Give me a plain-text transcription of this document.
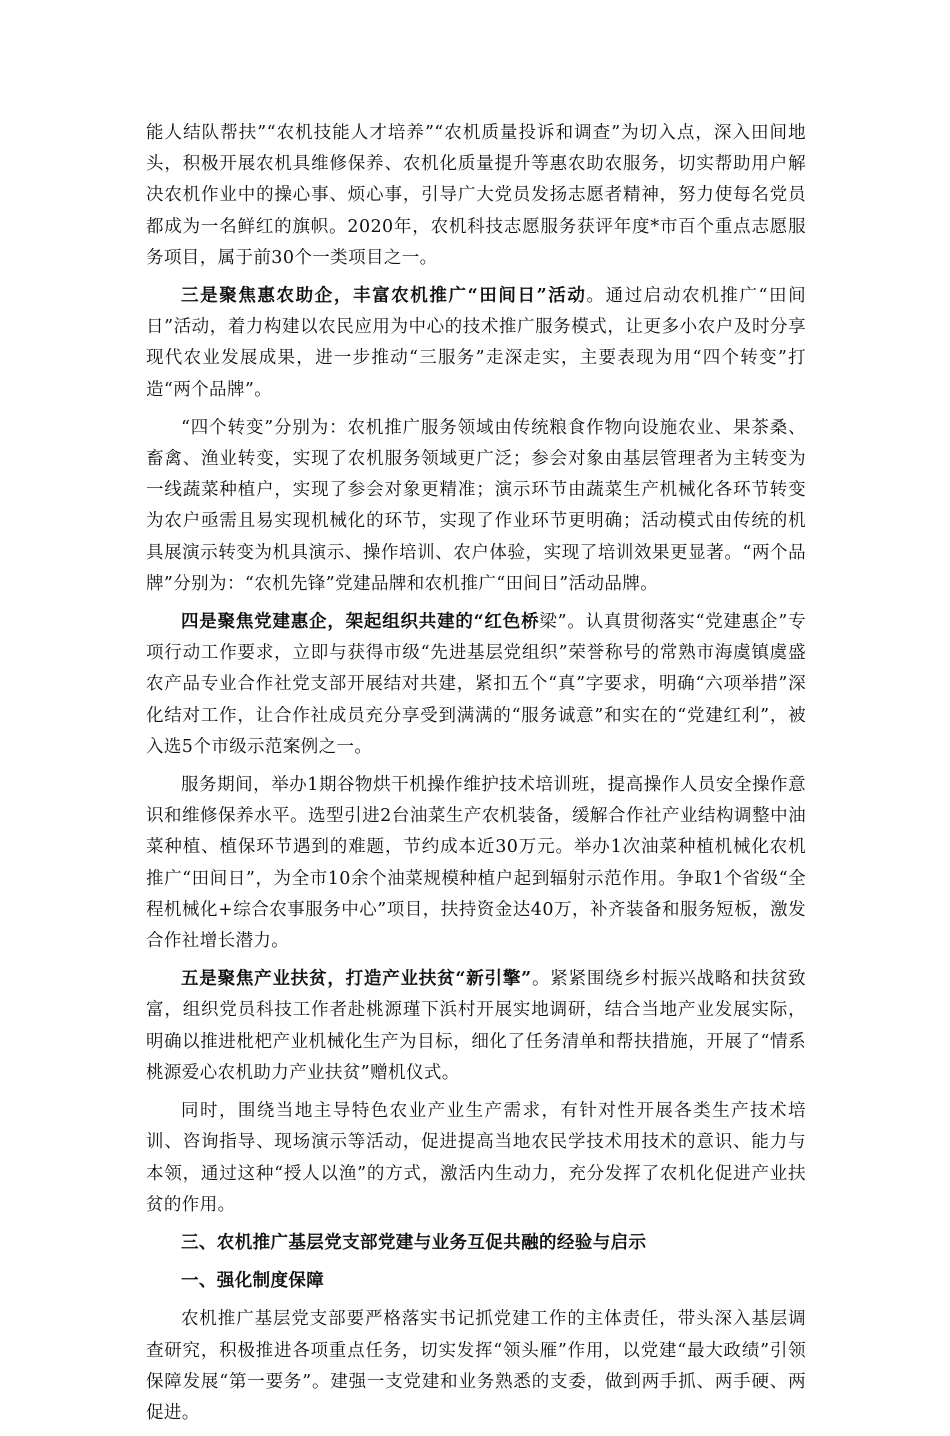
能人结队帮扶”“农机技能人才培养”“农机质量投诉和调查”为切入点，深入田间地头，积极开展农机具维修保养、农机化质量提升等惠农助农服务，切实帮助用户解决农机作业中的操心事、烦心事，引导广大党员发扬志愿者精神，努力使每名党员都成为一名鲜红的旗帜。2020年，农机科技志愿服务获评年度*市百个重点志愿服务项目，属于前30个一类项目之一。

三是聚焦惠农助企，丰富农机推广“田间日”活动。通过启动农机推广“田间日”活动，着力构建以农民应用为中心的技术推广服务模式，让更多小农户及时分享现代农业发展成果，进一步推动“三服务”走深走实，主要表现为用“四个转变”打造“两个品牌”。

“四个转变”分别为：农机推广服务领域由传统粮食作物向设施农业、果茶桑、畜禽、渔业转变，实现了农机服务领域更广泛；参会对象由基层管理者为主转变为一线蔬菜种植户，实现了参会对象更精准；演示环节由蔬菜生产机械化各环节转变为农户亟需且易实现机械化的环节，实现了作业环节更明确；活动模式由传统的机具展演示转变为机具演示、操作培训、农户体验，实现了培训效果更显著。“两个品牌”分别为：“农机先锋”党建品牌和农机推广“田间日”活动品牌。

四是聚焦党建惠企，架起组织共建的“红色桥梁”。认真贯彻落实“党建惠企”专项行动工作要求，立即与获得市级“先进基层党组织”荣誉称号的常熟市海虞镇虞盛农产品专业合作社党支部开展结对共建，紧扣五个“真”字要求，明确“六项举措”深化结对工作，让合作社成员充分享受到满满的“服务诚意”和实在的“党建红利”，被入选5个市级示范案例之一。

服务期间，举办1期谷物烘干机操作维护技术培训班，提高操作人员安全操作意识和维修保养水平。选型引进2台油菜生产农机装备，缓解合作社产业结构调整中油菜种植、植保环节遇到的难题，节约成本近30万元。举办1次油菜种植机械化农机推广“田间日”，为全市10余个油菜规模种植户起到辐射示范作用。争取1个省级“全程机械化+综合农事服务中心”项目，扶持资金达40万，补齐装备和服务短板，激发合作社增长潜力。

五是聚焦产业扶贫，打造产业扶贫“新引擎”。紧紧围绕乡村振兴战略和扶贫致富，组织党员科技工作者赴桃源瑾下浜村开展实地调研，结合当地产业发展实际，明确以推进枇杷产业机械化生产为目标，细化了任务清单和帮扶措施，开展了“情系桃源爱心农机助力产业扶贫”赠机仪式。

同时，围绕当地主导特色农业产业生产需求，有针对性开展各类生产技术培训、咨询指导、现场演示等活动，促进提高当地农民学技术用技术的意识、能力与本领，通过这种“授人以渔”的方式，激活内生动力，充分发挥了农机化促进产业扶贫的作用。

三、农机推广基层党支部党建与业务互促共融的经验与启示

一、强化制度保障

农机推广基层党支部要严格落实书记抓党建工作的主体责任，带头深入基层调查研究，积极推进各项重点任务，切实发挥“领头雁”作用，以党建“最大政绩”引领保障发展“第一要务”。建强一支党建和业务熟悉的支委，做到两手抓、两手硬、两促进。
